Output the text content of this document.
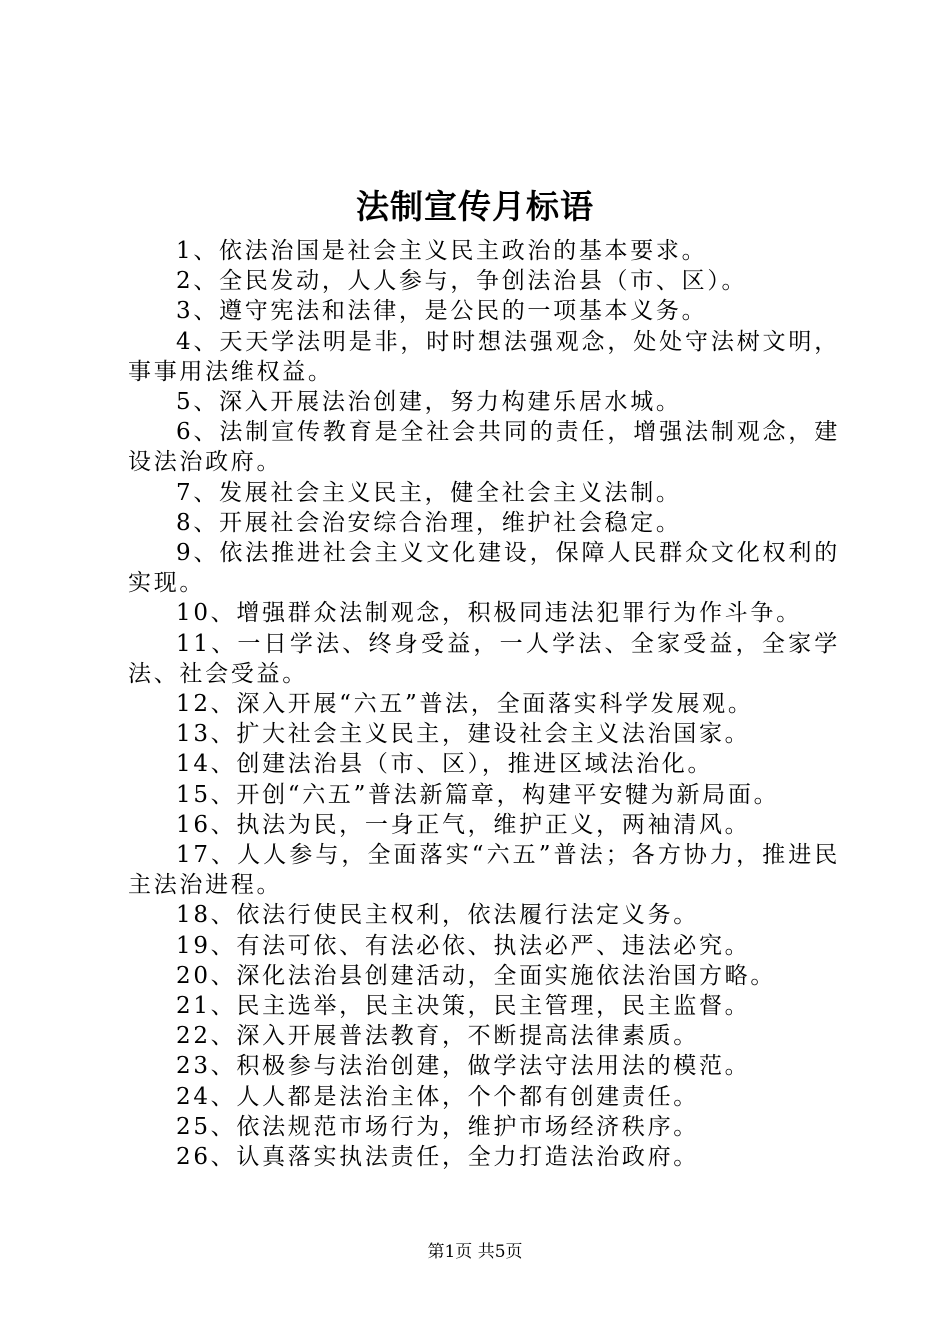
法制宣传月标语

1、依法治国是社会主义民主政治的基本要求。

2、全民发动，人人参与，争创法治县（市、区）。

3、遵守宪法和法律，是公民的一项基本义务。

4、天天学法明是非，时时想法强观念，处处守法树文明，事事用法维权益。

5、深入开展法治创建，努力构建乐居水城。

6、法制宣传教育是全社会共同的责任，增强法制观念，建设法治政府。

7、发展社会主义民主，健全社会主义法制。

8、开展社会治安综合治理，维护社会稳定。

9、依法推进社会主义文化建设，保障人民群众文化权利的实现。

10、增强群众法制观念，积极同违法犯罪行为作斗争。

11、一日学法、终身受益，一人学法、全家受益，全家学法、社会受益。

12、深入开展“六五”普法，全面落实科学发展观。

13、扩大社会主义民主，建设社会主义法治国家。

14、创建法治县（市、区），推进区域法治化。

15、开创“六五”普法新篇章，构建平安犍为新局面。

16、执法为民，一身正气，维护正义，两袖清风。

17、人人参与，全面落实“六五”普法；各方协力，推进民主法治进程。

18、依法行使民主权利，依法履行法定义务。

19、有法可依、有法必依、执法必严、违法必究。

20、深化法治县创建活动，全面实施依法治国方略。

21、民主选举，民主决策，民主管理，民主监督。

22、深入开展普法教育，不断提高法律素质。

23、积极参与法治创建，做学法守法用法的模范。

24、人人都是法治主体，个个都有创建责任。

25、依法规范市场行为，维护市场经济秩序。

26、认真落实执法责任，全力打造法治政府。

第1页 共5页
